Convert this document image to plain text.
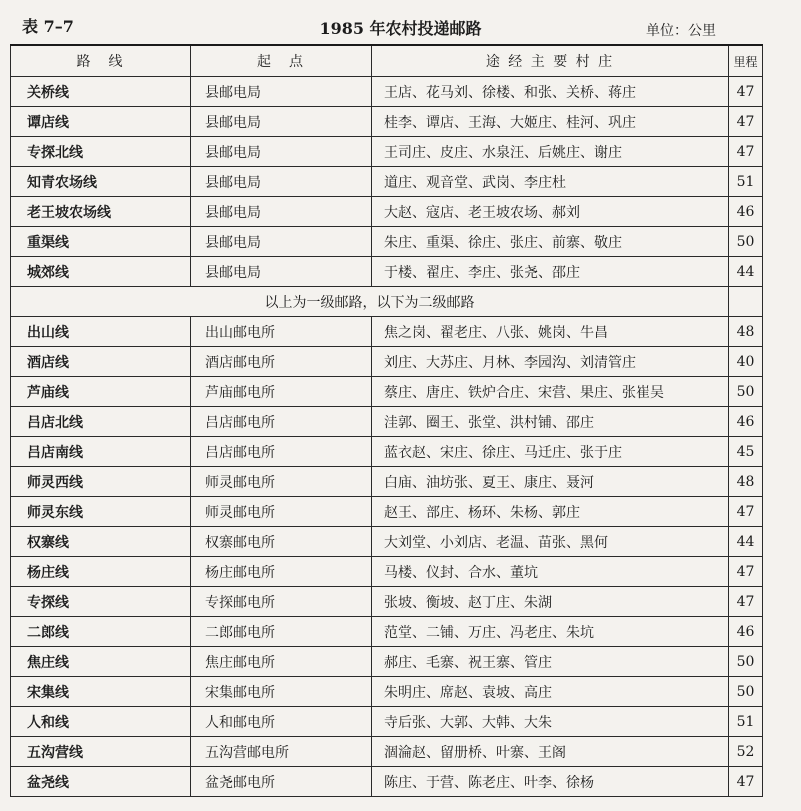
表 7–7	1985 年农村投递邮路	单位：公里
路　线	起　点	途 经 主 要 村 庄	里程
关桥线	县邮电局	王店、花马刘、徐楼、和张、关桥、蒋庄	47
谭店线	县邮电局	桂李、谭店、王海、大姬庄、桂河、巩庄	47
专探北线	县邮电局	王司庄、皮庄、水泉汪、后姚庄、谢庄	47
知青农场线	县邮电局	道庄、观音堂、武岗、李庄杜	51
老王坡农场线	县邮电局	大赵、寇店、老王坡农场、郝刘	46
重渠线	县邮电局	朱庄、重渠、徐庄、张庄、前寨、敬庄	50
城郊线	县邮电局	于楼、翟庄、李庄、张尧、邵庄	44
以上为一级邮路，以下为二级邮路			
出山线	出山邮电所	焦之岗、翟老庄、八张、姚岗、牛昌	48
酒店线	酒店邮电所	刘庄、大苏庄、月林、李园沟、刘清管庄	40
芦庙线	芦庙邮电所	蔡庄、唐庄、铁炉合庄、宋营、果庄、张崔吴	50
吕店北线	吕店邮电所	洼郭、圈王、张堂、洪村铺、邵庄	46
吕店南线	吕店邮电所	蓝衣赵、宋庄、徐庄、马迁庄、张于庄	45
师灵西线	师灵邮电所	白庙、油坊张、夏王、康庄、聂河	48
师灵东线	师灵邮电所	赵王、部庄、杨环、朱杨、郭庄	47
权寨线	权寨邮电所	大刘堂、小刘店、老温、苗张、黑何	44
杨庄线	杨庄邮电所	马楼、仪封、合水、董坑	47
专探线	专探邮电所	张坡、衡坡、赵丁庄、朱湖	47
二郎线	二郎邮电所	范堂、二铺、万庄、冯老庄、朱坑	46
焦庄线	焦庄邮电所	郝庄、毛寨、祝王寨、管庄	50
宋集线	宋集邮电所	朱明庄、席赵、袁坡、高庄	50
人和线	人和邮电所	寺后张、大郭、大韩、大朱	51
五沟营线	五沟营邮电所	涸淪赵、留册桥、叶寨、王阁	52
盆尧线	盆尧邮电所	陈庄、于营、陈老庄、叶李、徐杨	47
